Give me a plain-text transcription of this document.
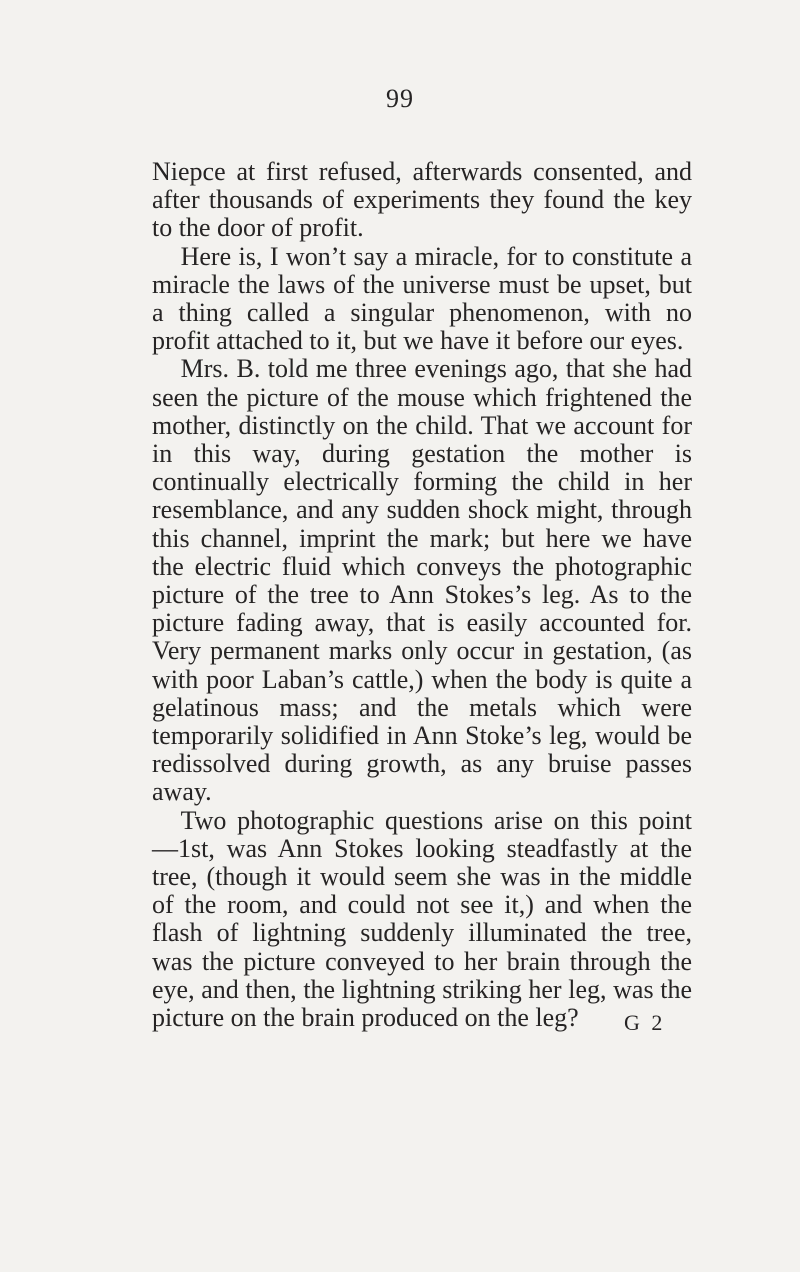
99

Niepce at first refused, afterwards consented, and after thousands of experiments they found the key to the door of profit.

Here is, I won’t say a miracle, for to constitute a miracle the laws of the universe must be upset, but a thing called a singular phenomenon, with no profit attached to it, but we have it before our eyes.

Mrs. B. told me three evenings ago, that she had seen the picture of the mouse which frightened the mother, distinctly on the child. That we account for in this way, during gestation the mother is continually electrically forming the child in her resemblance, and any sudden shock might, through this channel, imprint the mark; but here we have the electric fluid which conveys the photographic picture of the tree to Ann Stokes’s leg. As to the picture fading away, that is easily accounted for. Very permanent marks only occur in gestation, (as with poor Laban’s cattle,) when the body is quite a gelatinous mass; and the metals which were temporarily solidified in Ann Stoke’s leg, would be redissolved during growth, as any bruise passes away.

Two photographic questions arise on this point—1st, was Ann Stokes looking steadfastly at the tree, (though it would seem she was in the middle of the room, and could not see it,) and when the flash of lightning suddenly illuminated the tree, was the picture conveyed to her brain through the eye, and then, the lightning striking her leg, was the picture on the brain produced on the leg?	G 2
